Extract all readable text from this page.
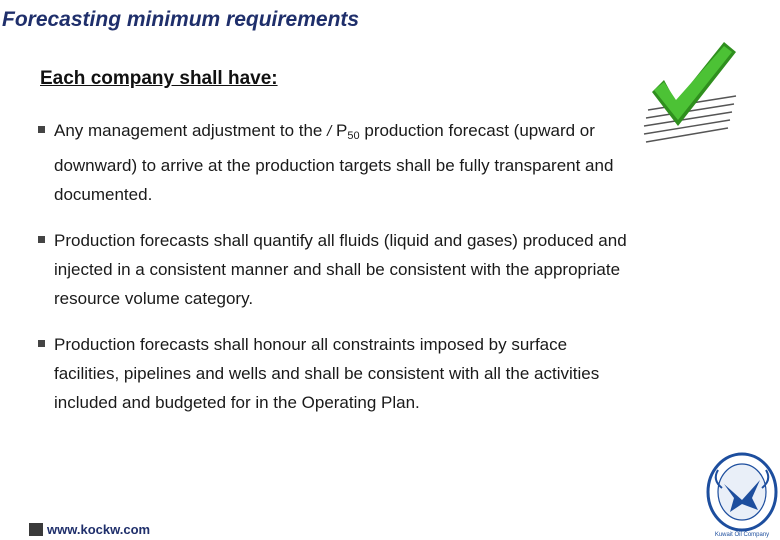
Forecasting minimum requirements
Each company shall have:
Any management adjustment to the / $P_{50}$ production forecast (upward or downward) to arrive at the production targets shall be fully transparent and documented.
Production forecasts shall quantify all fluids (liquid and gases) produced and injected in a consistent manner and shall be consistent with the appropriate resource volume category.
Production forecasts shall honour all constraints imposed by surface facilities, pipelines and wells and shall be consistent with all the activities included and budgeted for in the Operating Plan.
www.kockw.com	Kuwait Oil Company
